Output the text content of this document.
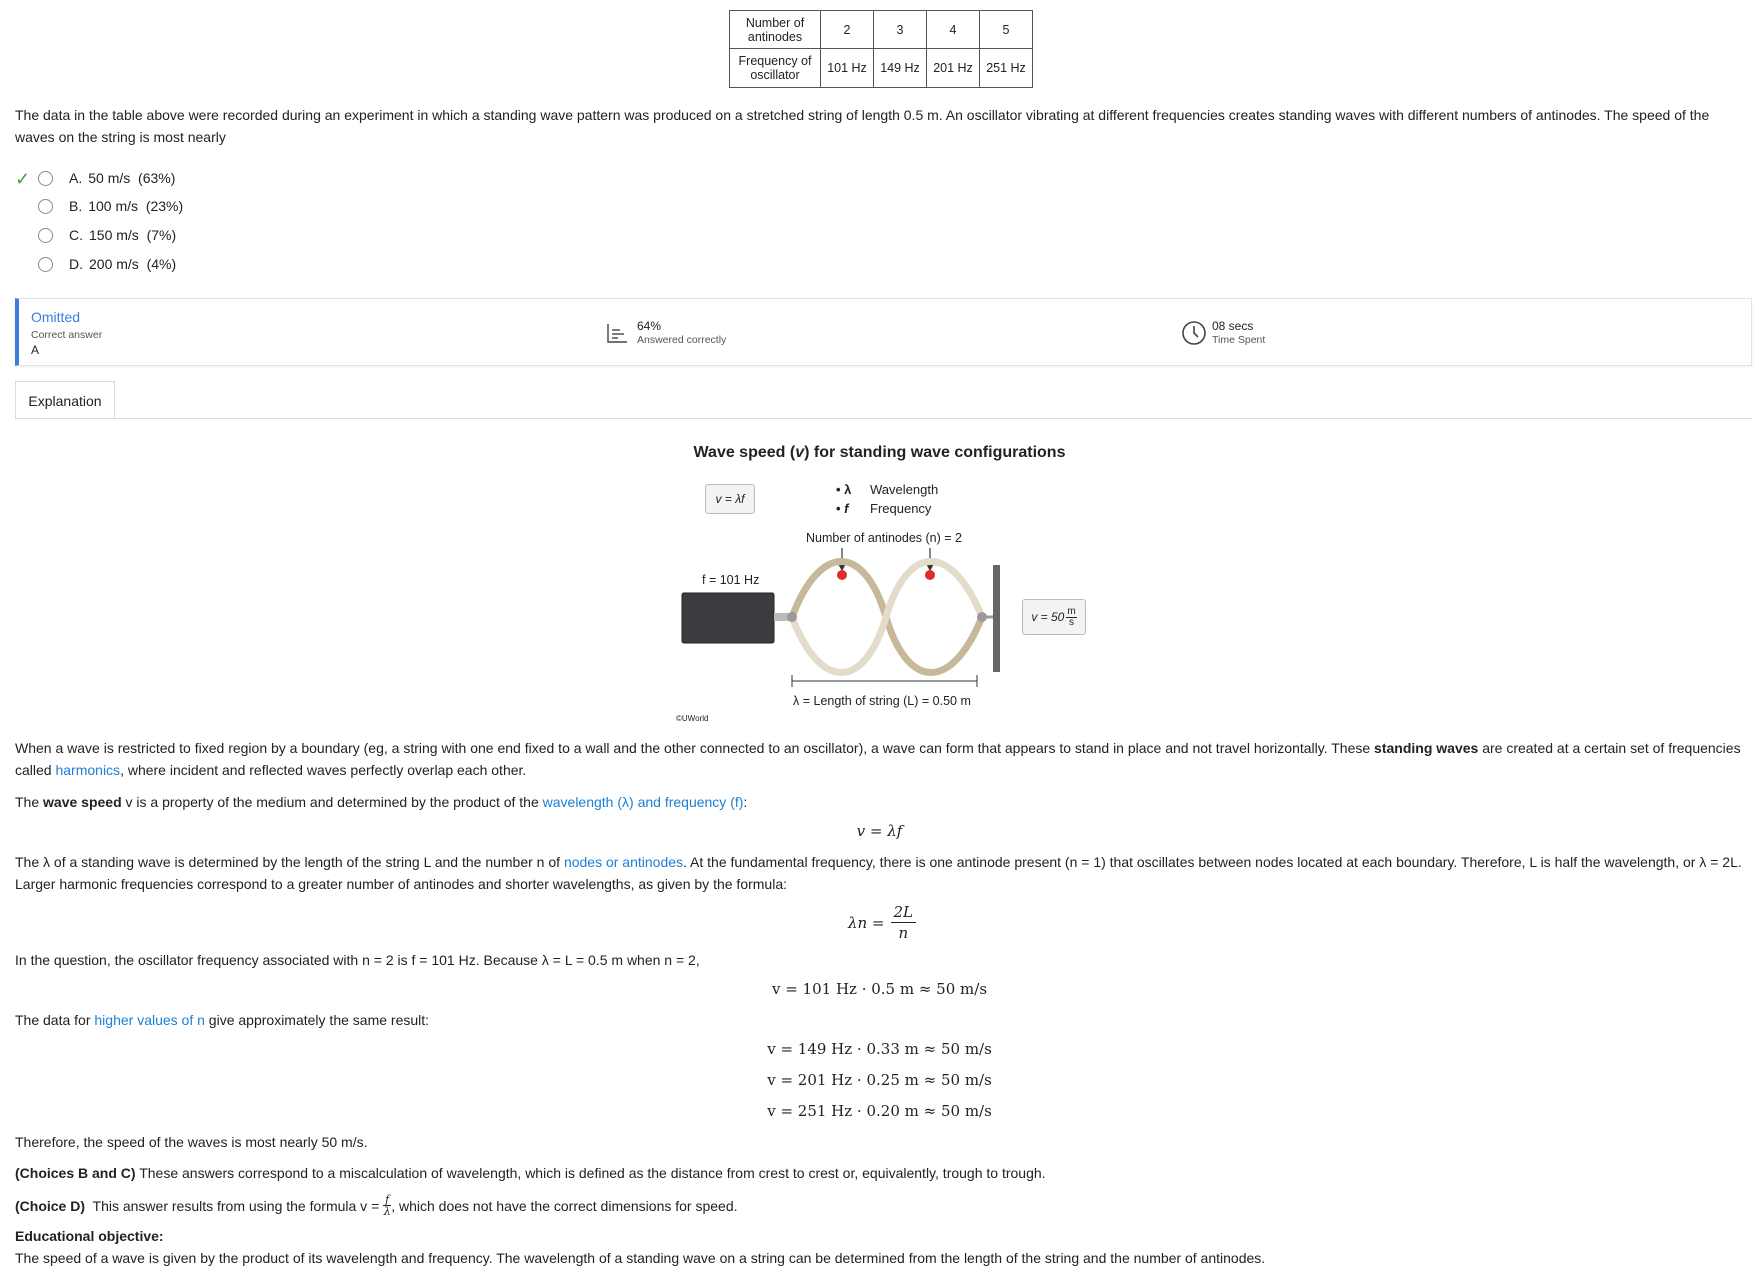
Number of
antinodes	2	3	4	5
Frequency of
oscillator	101 Hz	149 Hz	201 Hz	251 Hz
The data in the table above were recorded during an experiment in which a standing wave pattern was produced on a stretched string of length 0.5 m. An oscillator vibrating at different frequencies creates standing waves with different numbers of antinodes. The speed of the waves on the string is most nearly
✓	A. 50 m/s  (63%)
B. 100 m/s  (23%)
C. 150 m/s  (7%)
D. 200 m/s  (4%)
Omitted
Correct answer
A
64%
Answered correctly
08 secs
Time Spent
Explanation
Wave speed (v) for standing wave configurations
v = λf
• λ Wavelength
• f Frequency
Number of antinodes (n) = 2
f = 101 Hz
v = 50 m
s
λ = Length of string (L) = 0.50 m
©UWorld
When a wave is restricted to fixed region by a boundary (eg, a string with one end fixed to a wall and the other connected to an oscillator), a wave can form that appears to stand in place and not travel horizontally. These standing waves are created at a certain set of frequencies called harmonics, where incident and reflected waves perfectly overlap each other.
The wave speed v is a property of the medium and determined by the product of the wavelength (λ) and frequency (f):
v = λf
The λ of a standing wave is determined by the length of the string L and the number n of nodes or antinodes. At the fundamental frequency, there is one antinode present (n = 1) that oscillates between nodes located at each boundary. Therefore, L is half the wavelength, or λ = 2L. Larger harmonic frequencies correspond to a greater number of antinodes and shorter wavelengths, as given by the formula:
$\lambda n = \frac{2L}{n}$
In the question, the oscillator frequency associated with n = 2 is f = 101 Hz. Because λ = L = 0.5 m when n = 2,
v = 101 Hz · 0.5 m ≈ 50 m/s
The data for higher values of n give approximately the same result:
v = 149 Hz · 0.33 m ≈ 50 m/s
v = 201 Hz · 0.25 m ≈ 50 m/s
v = 251 Hz · 0.20 m ≈ 50 m/s
Therefore, the speed of the waves is most nearly 50 m/s.
(Choices B and C) These answers correspond to a miscalculation of wavelength, which is defined as the distance from crest to crest or, equivalently, trough to trough.
(Choice D) This answer results from using the formula $v = \frac{f}{\lambda}$ , which does not have the correct dimensions for speed.
Educational objective:
The speed of a wave is given by the product of its wavelength and frequency. The wavelength of a standing wave on a string can be determined from the length of the string and the number of antinodes.
